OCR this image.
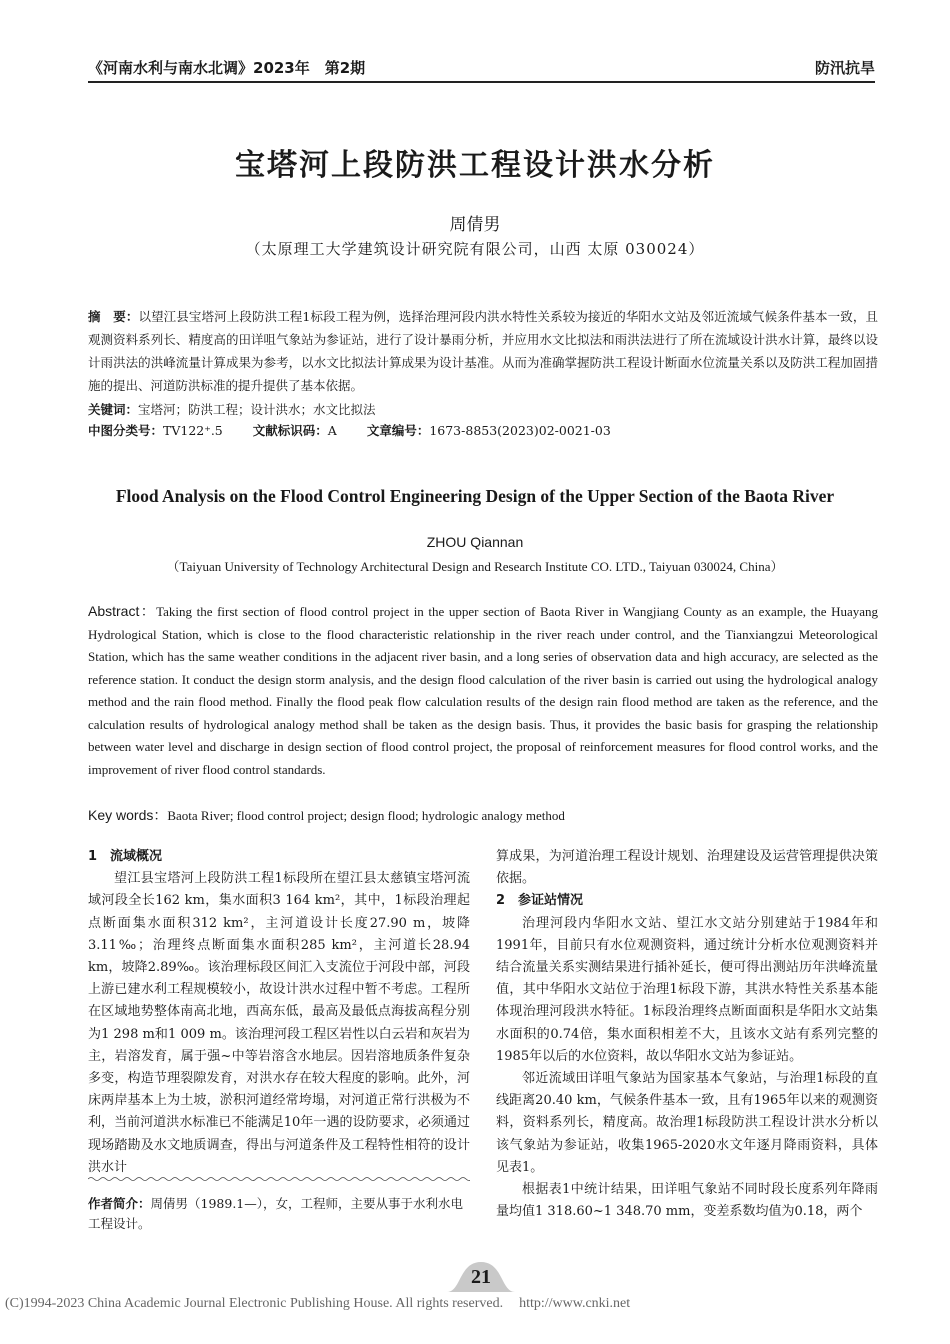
《河南水利与南水北调》2023年　第2期	防汛抗旱
宝塔河上段防洪工程设计洪水分析
周倩男
（太原理工大学建筑设计研究院有限公司，山西 太原 030024）
摘　要：以望江县宝塔河上段防洪工程1标段工程为例，选择治理河段内洪水特性关系较为接近的华阳水文站及邻近流域气候条件基本一致，且观测资料系列长、精度高的田详咀气象站为参证站，进行了设计暴雨分析，并应用水文比拟法和雨洪法进行了所在流域设计洪水计算，最终以设计雨洪法的洪峰流量计算成果为参考，以水文比拟法计算成果为设计基准。从而为准确掌握防洪工程设计断面水位流量关系以及防洪工程加固措施的提出、河道防洪标准的提升提供了基本依据。
关键词：宝塔河；防洪工程；设计洪水；水文比拟法
中图分类号：TV122⁺.5 文献标识码：A 文章编号：1673-8853(2023)02-0021-03
Flood Analysis on the Flood Control Engineering Design of the Upper Section of the Baota River
ZHOU Qiannan
（Taiyuan University of Technology Architectural Design and Research Institute CO. LTD., Taiyuan 030024, China）
Abstract：Taking the first section of flood control project in the upper section of Baota River in Wangjiang County as an example, the Huayang Hydrological Station, which is close to the flood characteristic relationship in the river reach under control, and the Tianxiangzui Meteorological Station, which has the same weather conditions in the adjacent river basin, and a long series of observation data and high accuracy, are selected as the reference station. It conduct the design storm analysis, and the design flood calculation of the river basin is carried out using the hydrological analogy method and the rain flood method. Finally the flood peak flow calculation results of the design rain flood method are taken as the reference, and the calculation results of hydrological analogy method shall be taken as the design basis. Thus, it provides the basic basis for grasping the relationship between water level and discharge in design section of flood control project, the proposal of reinforcement measures for flood control works, and the improvement of river flood control standards.
Key words：Baota River; flood control project; design flood; hydrologic analogy method
1　流域概况

望江县宝塔河上段防洪工程1标段所在望江县太慈镇宝塔河流域河段全长162 km，集水面积3 164 km²，其中，1标段治理起点断面集水面积312 km²，主河道设计长度27.90 m，坡降3.11‰；治理终点断面集水面积285 km²，主河道长28.94 km，坡降2.89‰。该治理标段区间汇入支流位于河段中部，河段上游已建水利工程规模较小，故设计洪水过程中暂不考虑。工程所在区域地势整体南高北地，西高东低，最高及最低点海拔高程分别为1 298 m和1 009 m。该治理河段工程区岩性以白云岩和灰岩为主，岩溶发育，属于强~中等岩溶含水地层。因岩溶地质条件复杂多变，构造节理裂隙发育，对洪水存在较大程度的影响。此外，河床两岸基本上为土坡，淤积河道经常垮塌，对河道正常行洪极为不利，当前河道洪水标准已不能满足10年一遇的设防要求，必须通过现场踏勘及水文地质调查，得出与河道条件及工程特性相符的设计洪水计

作者简介：周倩男（1989.1—），女，工程师，主要从事于水利水电工程设计。

算成果，为河道治理工程设计规划、治理建设及运营管理提供决策依据。

2　参证站情况

治理河段内华阳水文站、望江水文站分别建站于1984年和1991年，目前只有水位观测资料，通过统计分析水位观测资料并结合流量关系实测结果进行插补延长，便可得出测站历年洪峰流量值，其中华阳水文站位于治理1标段下游，其洪水特性关系基本能体现治理河段洪水特征。1标段治理终点断面面积是华阳水文站集水面积的0.74倍，集水面积相差不大，且该水文站有系列完整的1985年以后的水位资料，故以华阳水文站为参证站。

邻近流域田详咀气象站为国家基本气象站，与治理1标段的直线距离20.40 km，气候条件基本一致，且有1965年以来的观测资料，资料系列长，精度高。故治理1标段防洪工程设计洪水分析以该气象站为参证站，收集1965-2020水文年逐月降雨资料，具体见表1。

根据表1中统计结果，田详咀气象站不同时段长度系列年降雨量均值1 318.60~1 348.70 mm，变差系数均值为0.18，两个

21
(C)1994-2023 China Academic Journal Electronic Publishing House. All rights reserved. http://www.cnki.net
